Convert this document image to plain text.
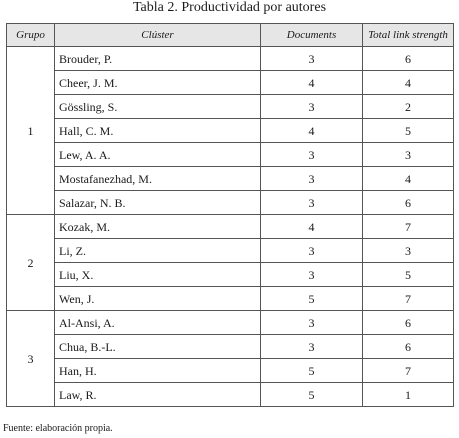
Tabla 2. Productividad por autores
Grupo	Clúster	Documents	Total link strength
1	Brouder, P.	3	6
	Cheer, J. M.	4	4
	Gössling, S.	3	2
	Hall, C. M.	4	5
	Lew, A. A.	3	3
	Mostafanezhad, M.	3	4
	Salazar, N. B.	3	6
2	Kozak, M.	4	7
	Li, Z.	3	3
	Liu, X.	3	5
	Wen, J.	5	7
3	Al-Ansi, A.	3	6
	Chua, B.-L.	3	6
	Han, H.	5	7
	Law, R.	5	1
Fuente: elaboración propia.
